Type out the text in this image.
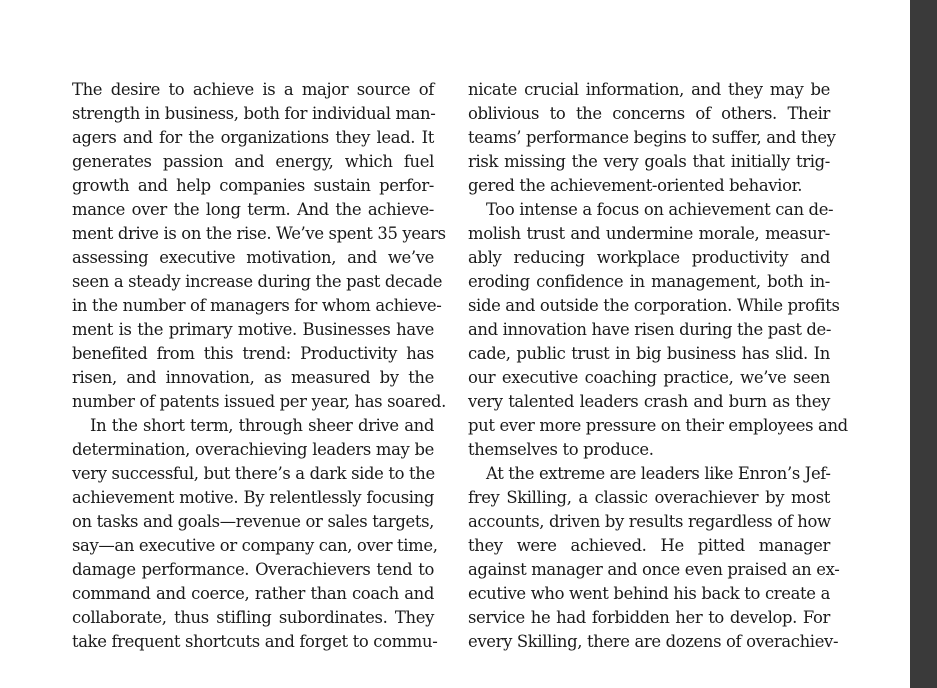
The desire to achieve is a major source of
strength in business, both for individual man-
agers and for the organizations they lead. It
generates passion and energy, which fuel
growth and help companies sustain perfor-
mance over the long term. And the achieve-
ment drive is on the rise. We’ve spent 35 years
assessing executive motivation, and we’ve
seen a steady increase during the past decade
in the number of managers for whom achieve-
ment is the primary motive. Businesses have
benefited from this trend: Productivity has
risen, and innovation, as measured by the
number of patents issued per year, has soared.
In the short term, through sheer drive and
determination, overachieving leaders may be
very successful, but there’s a dark side to the
achievement motive. By relentlessly focusing
on tasks and goals—revenue or sales targets,
say—an executive or company can, over time,
damage performance. Overachievers tend to
command and coerce, rather than coach and
collaborate, thus stifling subordinates. They
take frequent shortcuts and forget to commu-
nicate crucial information, and they may be
oblivious to the concerns of others. Their
teams’ performance begins to suffer, and they
risk missing the very goals that initially trig-
gered the achievement-oriented behavior.
Too intense a focus on achievement can de-
molish trust and undermine morale, measur-
ably reducing workplace productivity and
eroding confidence in management, both in-
side and outside the corporation. While profits
and innovation have risen during the past de-
cade, public trust in big business has slid. In
our executive coaching practice, we’ve seen
very talented leaders crash and burn as they
put ever more pressure on their employees and
themselves to produce.
At the extreme are leaders like Enron’s Jef-
frey Skilling, a classic overachiever by most
accounts, driven by results regardless of how
they were achieved. He pitted manager
against manager and once even praised an ex-
ecutive who went behind his back to create a
service he had forbidden her to develop. For
every Skilling, there are dozens of overachiev-
